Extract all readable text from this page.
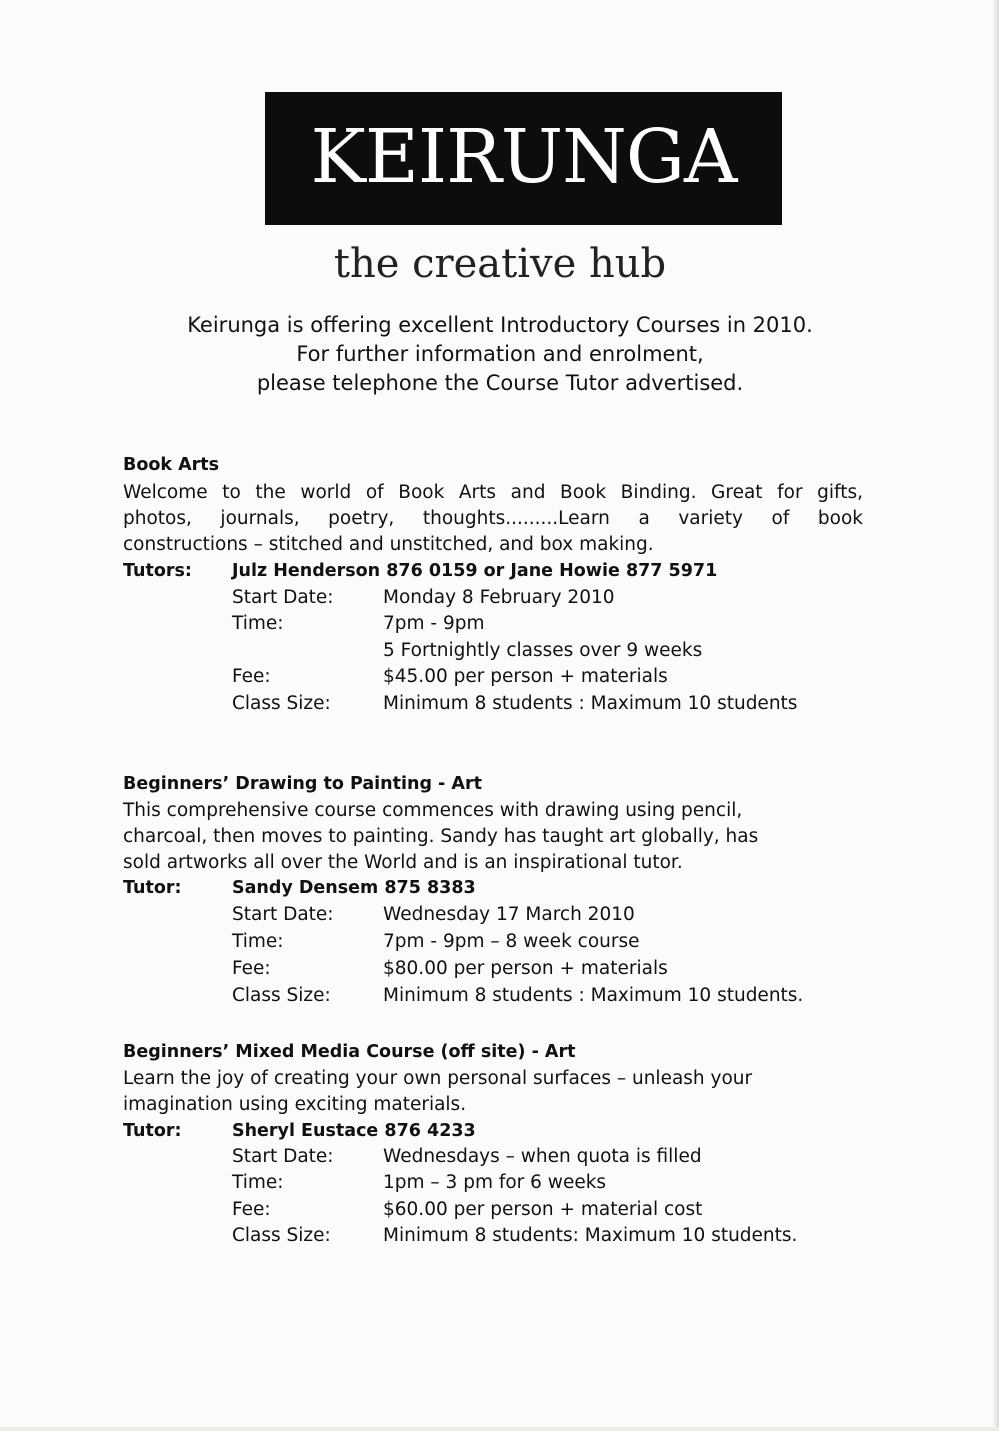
KEIRUNGA
the creative hub
Keirunga is offering excellent Introductory Courses in 2010.
For further information and enrolment,
please telephone the Course Tutor advertised.
Book Arts
Welcome to the world of Book Arts and Book Binding. Great for gifts,
photos, journals, poetry, thoughts.........Learn a variety of book
constructions – stitched and unstitched, and box making.
Tutors: Julz Henderson 876 0159 or Jane Howie 877 5971
Start Date:	Monday 8 February 2010
Time:	7pm - 9pm
5 Fortnightly classes over 9 weeks
Fee:	$45.00 per person + materials
Class Size:	Minimum 8 students : Maximum 10 students
Beginners’ Drawing to Painting - Art
This comprehensive course commences with drawing using pencil,
charcoal, then moves to painting. Sandy has taught art globally, has
sold artworks all over the World and is an inspirational tutor.
Tutor:	Sandy Densem 875 8383
Start Date:	Wednesday 17 March 2010
Time:	7pm - 9pm – 8 week course
Fee:	$80.00 per person + materials
Class Size:	Minimum 8 students : Maximum 10 students.
Beginners’ Mixed Media Course (off site) - Art
Learn the joy of creating your own personal surfaces – unleash your
imagination using exciting materials.
Tutor:	Sheryl Eustace 876 4233
Start Date:	Wednesdays – when quota is filled
Time:	1pm – 3 pm for 6 weeks
Fee:	$60.00 per person + material cost
Class Size:	Minimum 8 students: Maximum 10 students.
